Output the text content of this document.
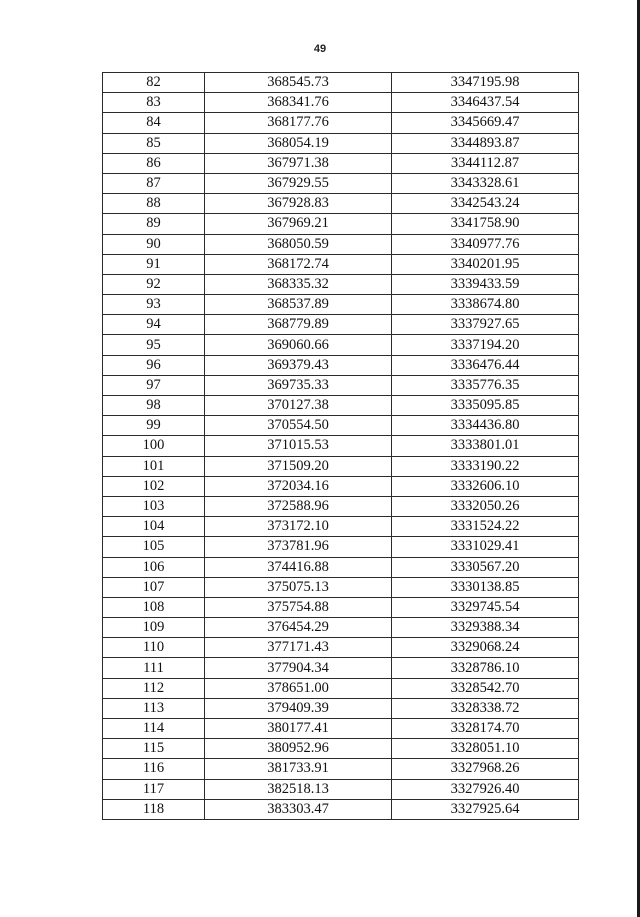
49
82	368545.73	3347195.98
83	368341.76	3346437.54
84	368177.76	3345669.47
85	368054.19	3344893.87
86	367971.38	3344112.87
87	367929.55	3343328.61
88	367928.83	3342543.24
89	367969.21	3341758.90
90	368050.59	3340977.76
91	368172.74	3340201.95
92	368335.32	3339433.59
93	368537.89	3338674.80
94	368779.89	3337927.65
95	369060.66	3337194.20
96	369379.43	3336476.44
97	369735.33	3335776.35
98	370127.38	3335095.85
99	370554.50	3334436.80
100	371015.53	3333801.01
101	371509.20	3333190.22
102	372034.16	3332606.10
103	372588.96	3332050.26
104	373172.10	3331524.22
105	373781.96	3331029.41
106	374416.88	3330567.20
107	375075.13	3330138.85
108	375754.88	3329745.54
109	376454.29	3329388.34
110	377171.43	3329068.24
111	377904.34	3328786.10
112	378651.00	3328542.70
113	379409.39	3328338.72
114	380177.41	3328174.70
115	380952.96	3328051.10
116	381733.91	3327968.26
117	382518.13	3327926.40
118	383303.47	3327925.64
